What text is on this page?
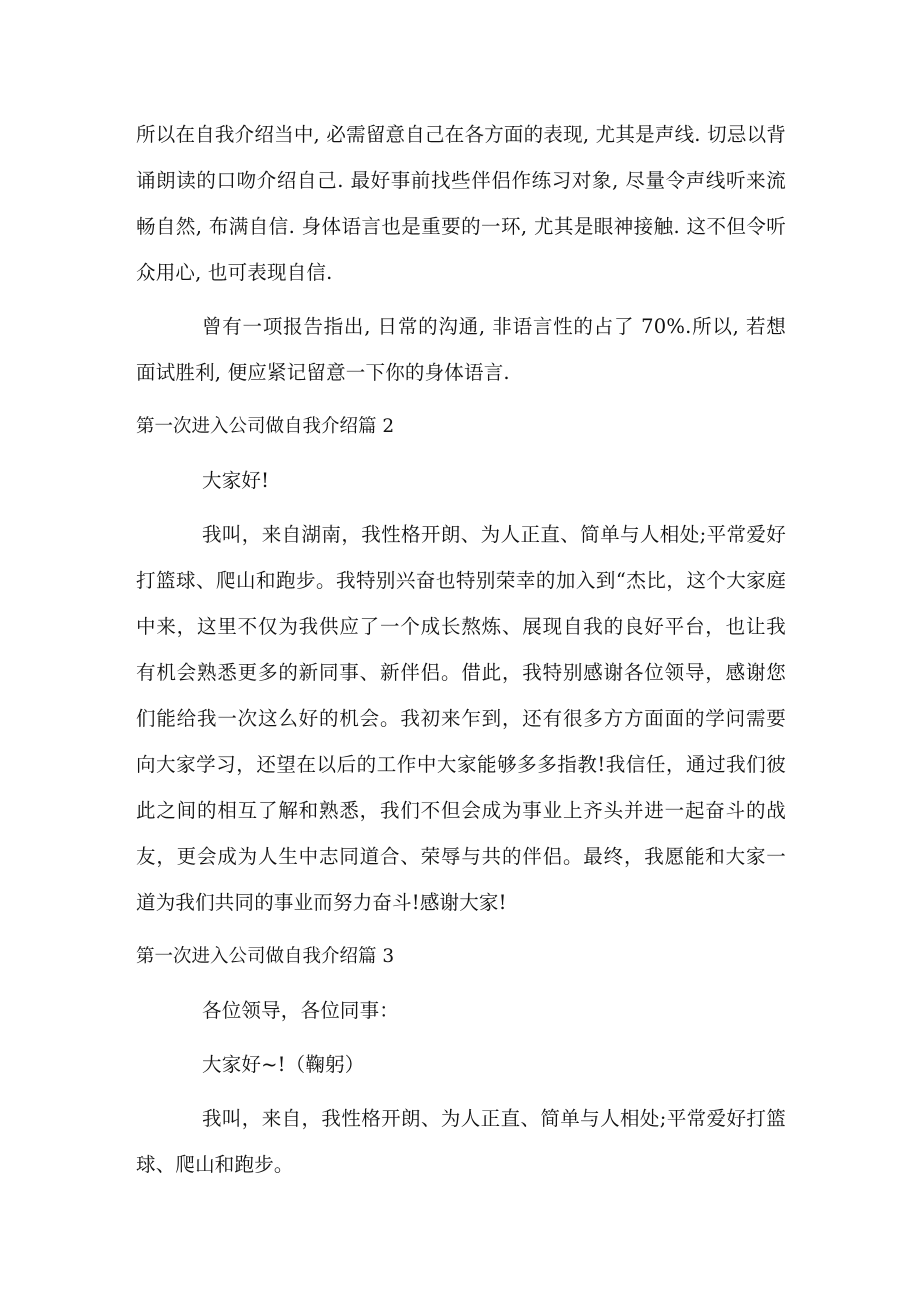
所以在自我介绍当中, 必需留意自己在各方面的表现, 尤其是声线. 切忌以背诵朗读的口吻介绍自己. 最好事前找些伴侣作练习对象, 尽量令声线听来流畅自然, 布满自信. 身体语言也是重要的一环, 尤其是眼神接触. 这不但令听众用心, 也可表现自信.

曾有一项报告指出, 日常的沟通, 非语言性的占了 70%.所以, 若想面试胜利, 便应紧记留意一下你的身体语言.

第一次进入公司做自我介绍篇 2

大家好!

我叫，来自湖南，我性格开朗、为人正直、简单与人相处;平常爱好打篮球、爬山和跑步。我特别兴奋也特别荣幸的加入到“杰比，这个大家庭中来，这里不仅为我供应了一个成长熬炼、展现自我的良好平台，也让我有机会熟悉更多的新同事、新伴侣。借此，我特别感谢各位领导，感谢您们能给我一次这么好的机会。我初来乍到，还有很多方方面面的学问需要向大家学习，还望在以后的工作中大家能够多多指教!我信任，通过我们彼此之间的相互了解和熟悉，我们不但会成为事业上齐头并进一起奋斗的战友，更会成为人生中志同道合、荣辱与共的伴侣。最终，我愿能和大家一道为我们共同的事业而努力奋斗!感谢大家!

第一次进入公司做自我介绍篇 3

各位领导，各位同事：

大家好~!（鞠躬）

我叫，来自，我性格开朗、为人正直、简单与人相处;平常爱好打篮球、爬山和跑步。
